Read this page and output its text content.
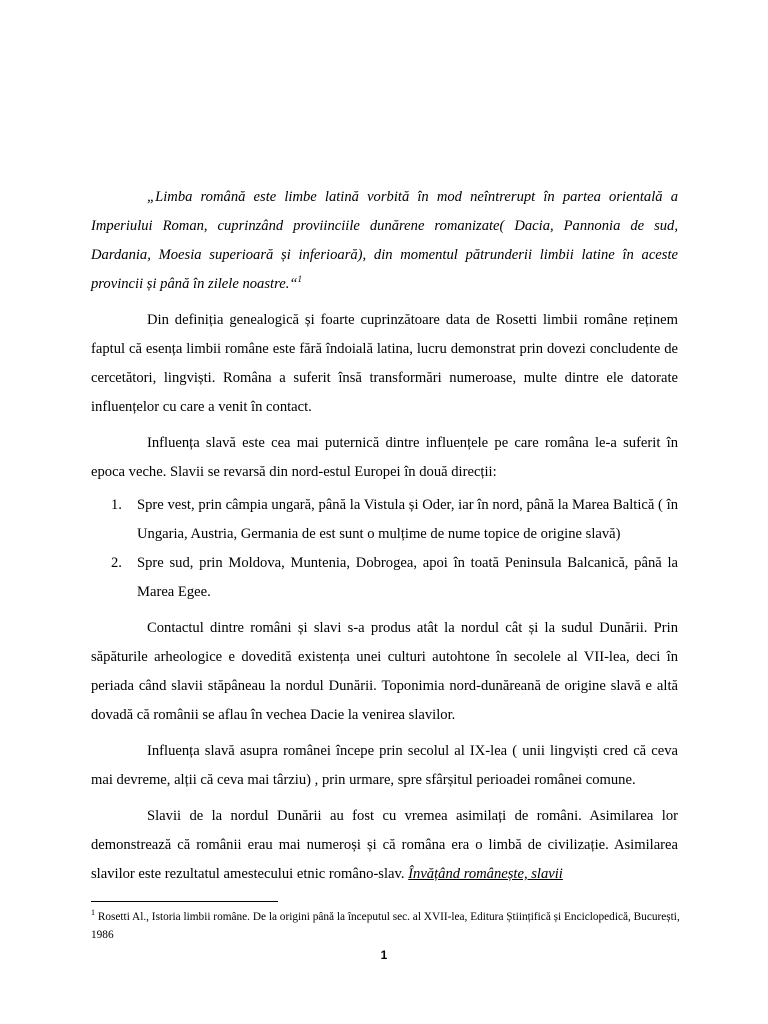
„Limba română este limbe latină vorbită în mod neîntrerupt în partea orientală a Imperiului Roman, cuprinzând proviinciile dunărene romanizate( Dacia, Pannonia de sud, Dardania, Moesia superioară și inferioară), din momentul pătrunderii limbii latine în aceste provincii și până în zilele noastre.“$^1$

Din definiția genealogică și foarte cuprinzătoare data de Rosetti limbii române reținem faptul că esența limbii române este fără îndoială latina, lucru demonstrat prin dovezi concludente de cercetători, lingviști. Româna a suferit însă transformări numeroase, multe dintre ele datorate influențelor cu care a venit în contact.

Influența slavă este cea mai puternică dintre influențele pe care româna le-a suferit în epoca veche. Slavii se revarsă din nord-estul Europei în două direcții:

1. Spre vest, prin câmpia ungară, până la Vistula și Oder, iar în nord, până la Marea Baltică ( în Ungaria, Austria, Germania de est sunt o mulțime de nume topice de origine slavă)
2. Spre sud, prin Moldova, Muntenia, Dobrogea, apoi în toată Peninsula Balcanică, până la Marea Egee.

Contactul dintre români și slavi s-a produs atât la nordul cât și la sudul Dunării. Prin săpăturile arheologice e dovedită existența unei culturi autohtone în secolele al VII-lea, deci în periada când slavii stăpâneau la nordul Dunării. Toponimia nord-dunăreană de origine slavă e altă dovadă că românii se aflau în vechea Dacie la venirea slavilor.

Influența slavă asupra românei începe prin secolul al IX-lea ( unii lingviști cred că ceva mai devreme, alții că ceva mai târziu) , prin urmare, spre sfârșitul perioadei românei comune.

Slavii de la nordul Dunării au fost cu vremea asimilați de români. Asimilarea lor demonstrează că românii erau mai numeroși și că româna era o limbă de civilizație. Asimilarea slavilor este rezultatul amestecului etnic româno-slav. Învățând românește, slavii

$^1$ Rosetti Al., Istoria limbii române. De la origini până la începutul sec. al XVII-lea, Editura Științifică și Enciclopedică, București, 1986
1
